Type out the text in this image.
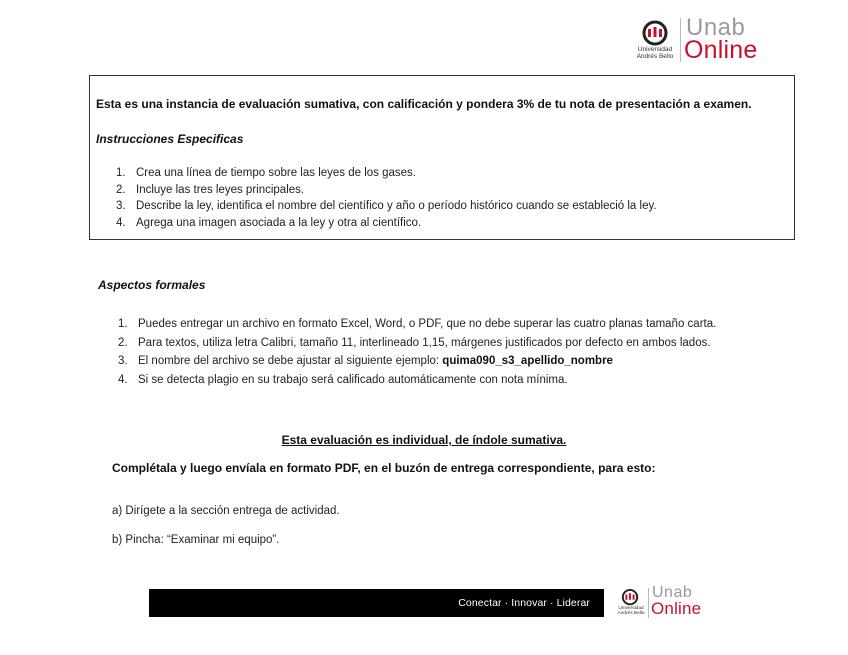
Universidad
Andrés Bello
Unab
Online
Esta es una instancia de evaluación sumativa, con calificación y pondera 3% de tu nota de presentación a examen.
Instrucciones Especificas
1. Crea una línea de tiempo sobre las leyes de los gases.
2. Incluye las tres leyes principales.
3. Describe la ley, identifica el nombre del científico y año o período histórico cuando se estableció la ley.
4. Agrega una imagen asociada a la ley y otra al científico.
Aspectos formales
1. Puedes entregar un archivo en formato Excel, Word, o PDF, que no debe superar las cuatro planas tamaño carta.
2. Para textos, utiliza letra Calibri, tamaño 11, interlineado 1,15, márgenes justificados por defecto en ambos lados.
3. El nombre del archivo se debe ajustar al siguiente ejemplo: quima090_s3_apellido_nombre
4. Si se detecta plagio en su trabajo será calificado automáticamente con nota mínima.
Esta evaluación es individual, de índole sumativa.
Complétala y luego envíala en formato PDF, en el buzón de entrega correspondiente, para esto:
a) Dirígete a la sección entrega de actividad.
b) Pincha: “Examinar mi equipo”.
Conectar · Innovar · Liderar	Universidad
Andrés Bello
Unab
Online
